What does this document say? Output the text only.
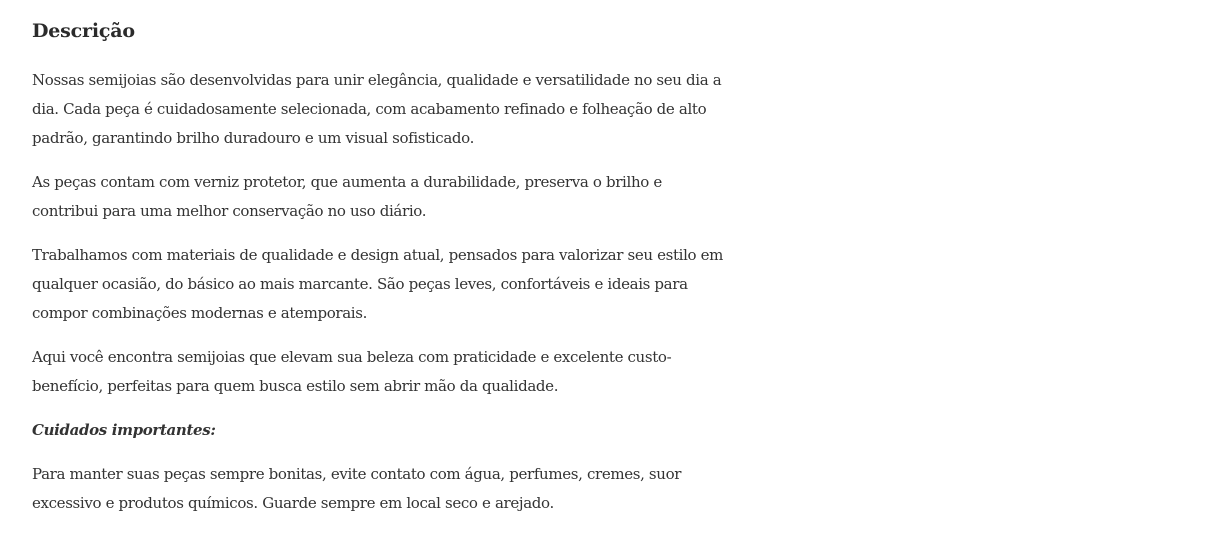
Descrição

Nossas semijoias são desenvolvidas para unir elegância, qualidade e versatilidade no seu dia a dia. Cada peça é cuidadosamente selecionada, com acabamento refinado e folheação de alto padrão, garantindo brilho duradouro e um visual sofisticado.

As peças contam com verniz protetor, que aumenta a durabilidade, preserva o brilho e contribui para uma melhor conservação no uso diário.

Trabalhamos com materiais de qualidade e design atual, pensados para valorizar seu estilo em qualquer ocasião, do básico ao mais marcante. São peças leves, confortáveis e ideais para compor combinações modernas e atemporais.

Aqui você encontra semijoias que elevam sua beleza com praticidade e excelente custo-benefício, perfeitas para quem busca estilo sem abrir mão da qualidade.

Cuidados importantes:

Para manter suas peças sempre bonitas, evite contato com água, perfumes, cremes, suor excessivo e produtos químicos. Guarde sempre em local seco e arejado.
